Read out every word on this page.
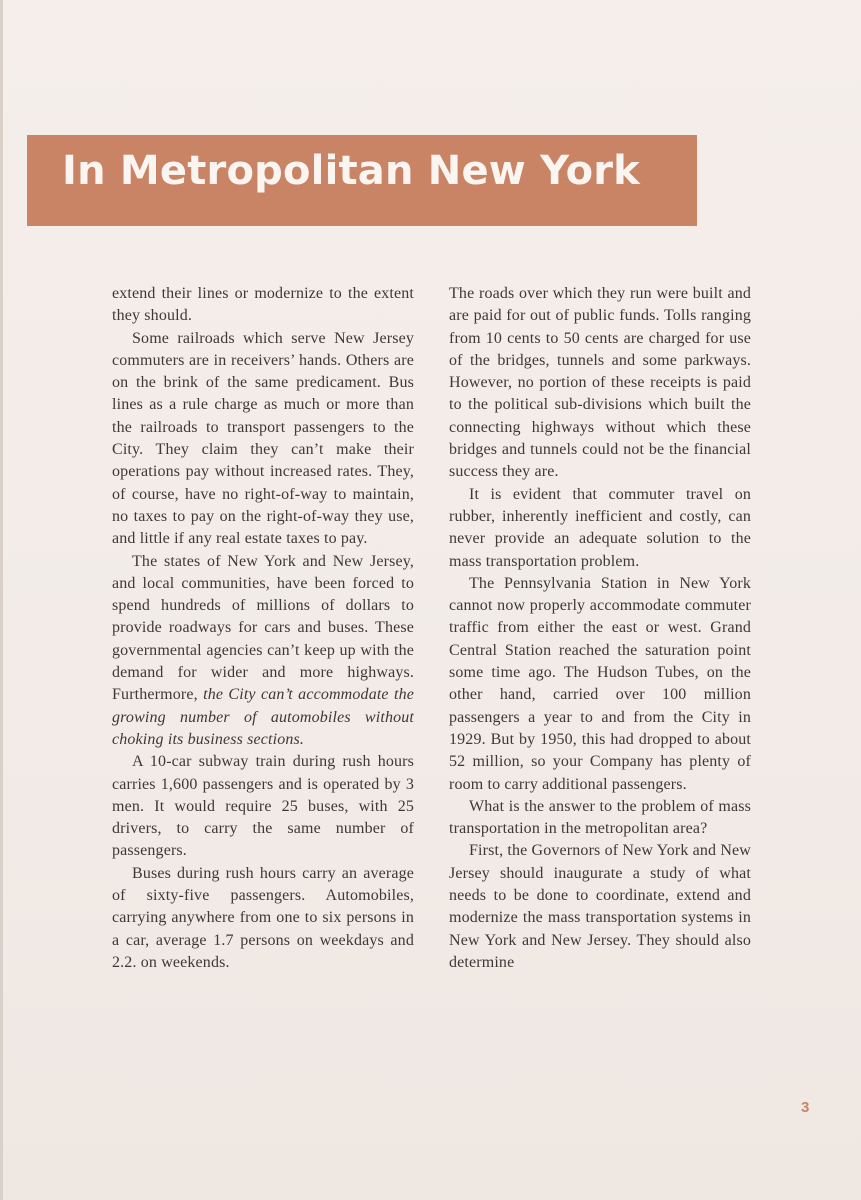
In Metropolitan New York

extend their lines or modernize to the extent they should.

Some railroads which serve New Jersey commuters are in receivers’ hands. Others are on the brink of the same predicament. Bus lines as a rule charge as much or more than the railroads to transport passengers to the City. They claim they can’t make their operations pay without increased rates. They, of course, have no right-of-way to maintain, no taxes to pay on the right-of-way they use, and little if any real estate taxes to pay.

The states of New York and New Jersey, and local communities, have been forced to spend hundreds of millions of dollars to provide roadways for cars and buses. These governmental agencies can’t keep up with the demand for wider and more highways. Furthermore, the City can’t accommodate the growing number of automobiles without choking its business sections.

A 10-car subway train during rush hours carries 1,600 passengers and is operated by 3 men. It would require 25 buses, with 25 drivers, to carry the same number of passengers.

Buses during rush hours carry an average of sixty-five passengers. Automobiles, carrying anywhere from one to six persons in a car, average 1.7 persons on weekdays and 2.2. on weekends.

The roads over which they run were built and are paid for out of public funds. Tolls ranging from 10 cents to 50 cents are charged for use of the bridges, tunnels and some parkways. However, no portion of these receipts is paid to the political sub-divisions which built the connecting highways without which these bridges and tunnels could not be the financial success they are.

It is evident that commuter travel on rubber, inherently inefficient and costly, can never provide an adequate solution to the mass transportation problem.

The Pennsylvania Station in New York cannot now properly accommodate commuter traffic from either the east or west. Grand Central Station reached the saturation point some time ago. The Hudson Tubes, on the other hand, carried over 100 million passengers a year to and from the City in 1929. But by 1950, this had dropped to about 52 million, so your Company has plenty of room to carry additional passengers.

What is the answer to the problem of mass transportation in the metropolitan area?

First, the Governors of New York and New Jersey should inaugurate a study of what needs to be done to coordinate, extend and modernize the mass transportation systems in New York and New Jersey. They should also determine

3
